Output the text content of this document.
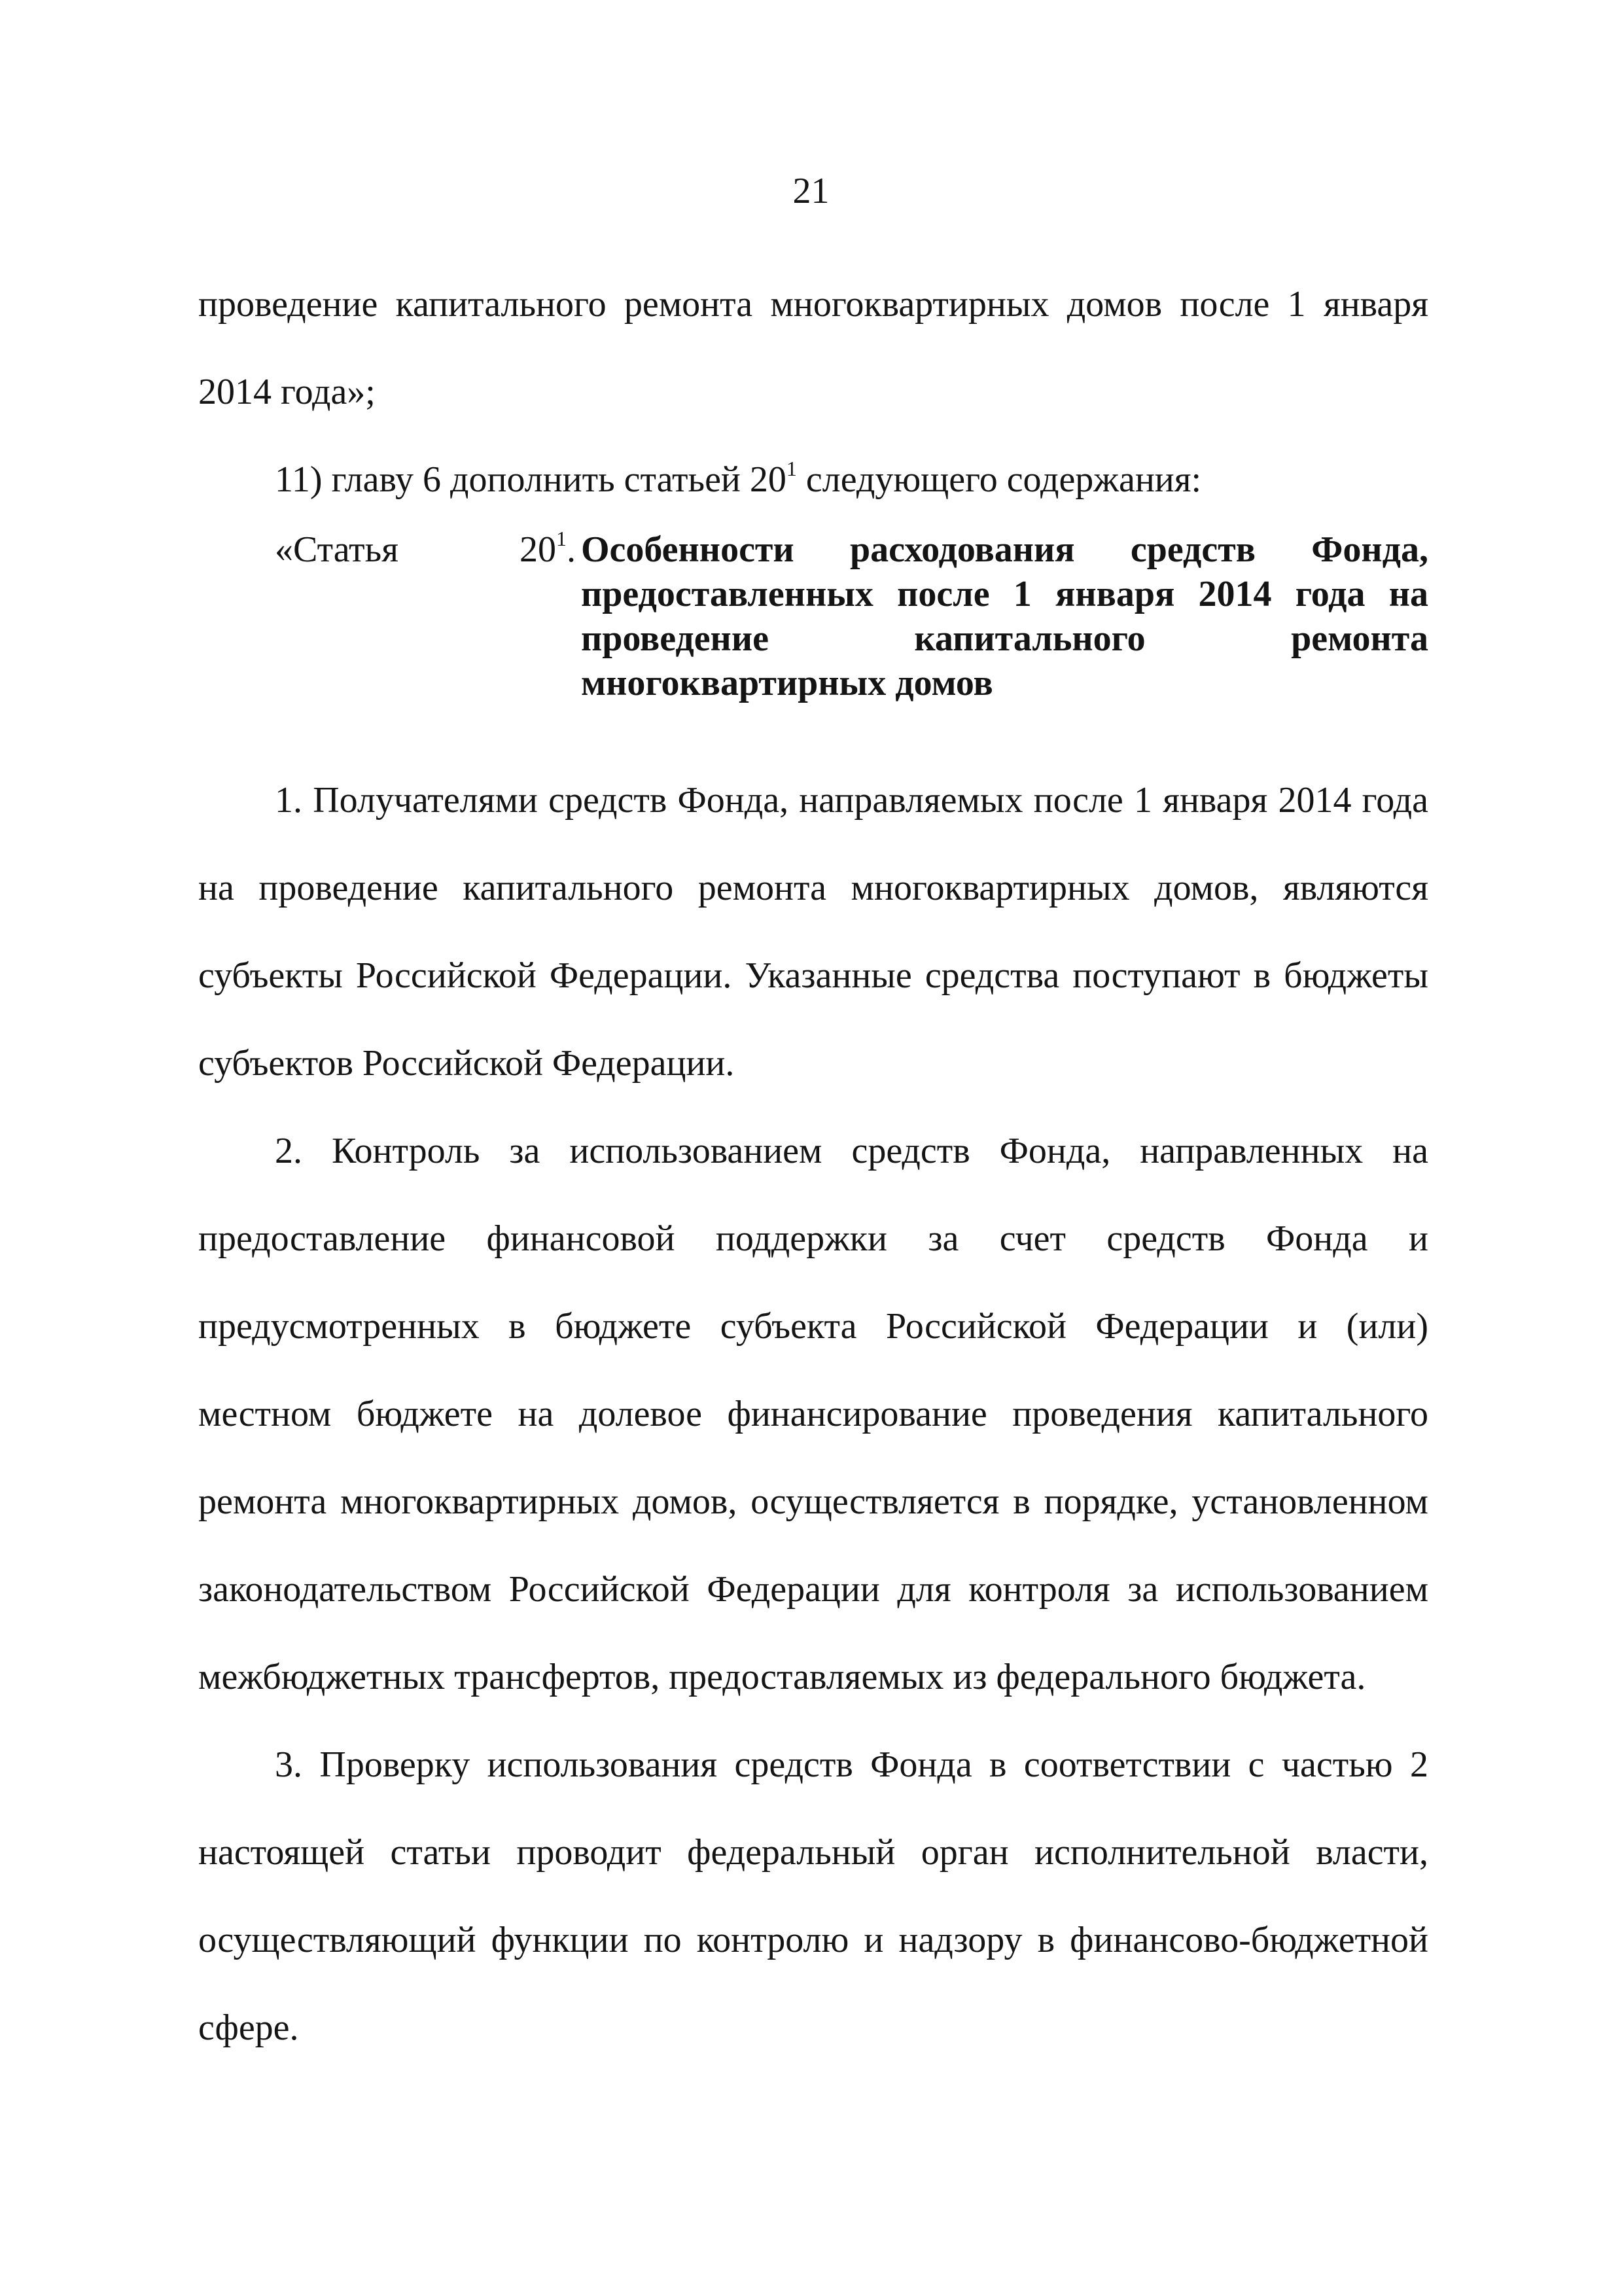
21

проведение капитального ремонта многоквартирных домов после 1 января 2014 года»;

11) главу 6 дополнить статьей $20^1$ следующего содержания:

«Статья	$20^1$. Особенности расходования средств Фонда, предоставленных после 1 января 2014 года на проведение капитального ремонта многоквартирных домов

1. Получателями средств Фонда, направляемых после 1 января 2014 года на проведение капитального ремонта многоквартирных домов, являются субъекты Российской Федерации. Указанные средства поступают в бюджеты субъектов Российской Федерации.

2. Контроль за использованием средств Фонда, направленных на предоставление финансовой поддержки за счет средств Фонда и предусмотренных в бюджете субъекта Российской Федерации и (или) местном бюджете на долевое финансирование проведения капитального ремонта многоквартирных домов, осуществляется в порядке, установленном законодательством Российской Федерации для контроля за использованием межбюджетных трансфертов, предоставляемых из федерального бюджета.

3. Проверку использования средств Фонда в соответствии с частью 2 настоящей статьи проводит федеральный орган исполнительной власти, осуществляющий функции по контролю и надзору в финансово-бюджетной сфере.
